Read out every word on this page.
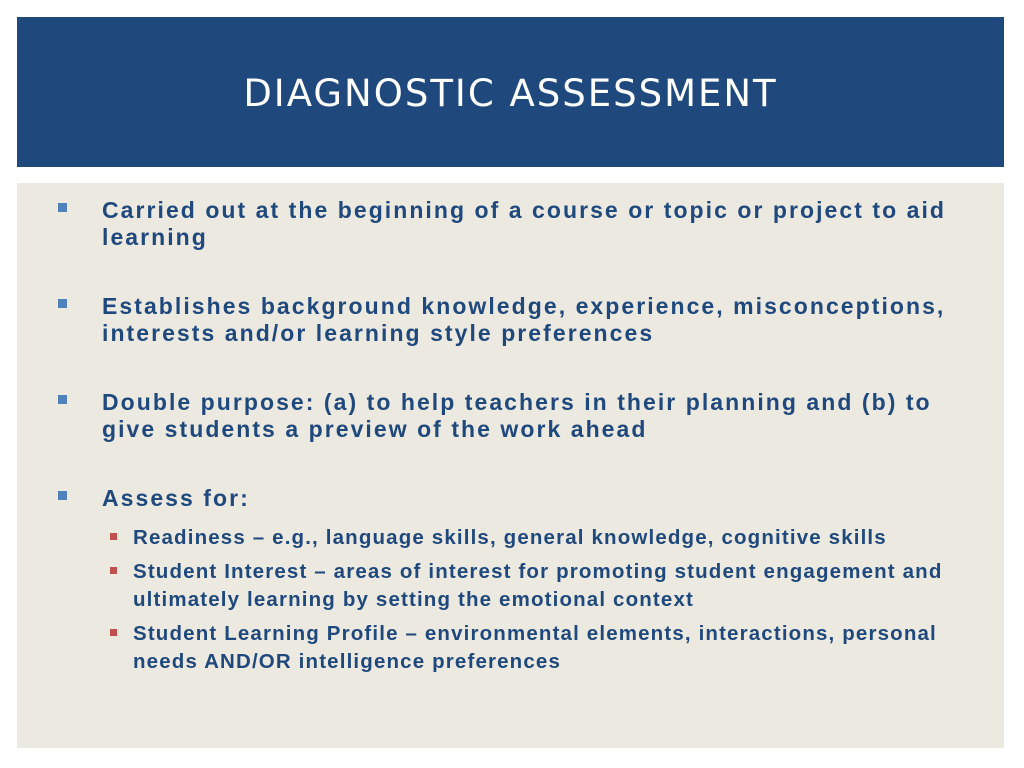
DIAGNOSTIC ASSESSMENT
Carried out at the beginning of a course or topic or project to aid learning
Establishes background knowledge, experience, misconceptions, interests and/or learning style preferences
Double purpose: (a) to help teachers in their planning and (b) to give students a preview of the work ahead
Assess for:
Readiness – e.g., language skills, general knowledge, cognitive skills
Student Interest – areas of interest for promoting student engagement and ultimately learning by setting the emotional context
Student Learning Profile – environmental elements, interactions, personal needs AND/OR intelligence preferences
